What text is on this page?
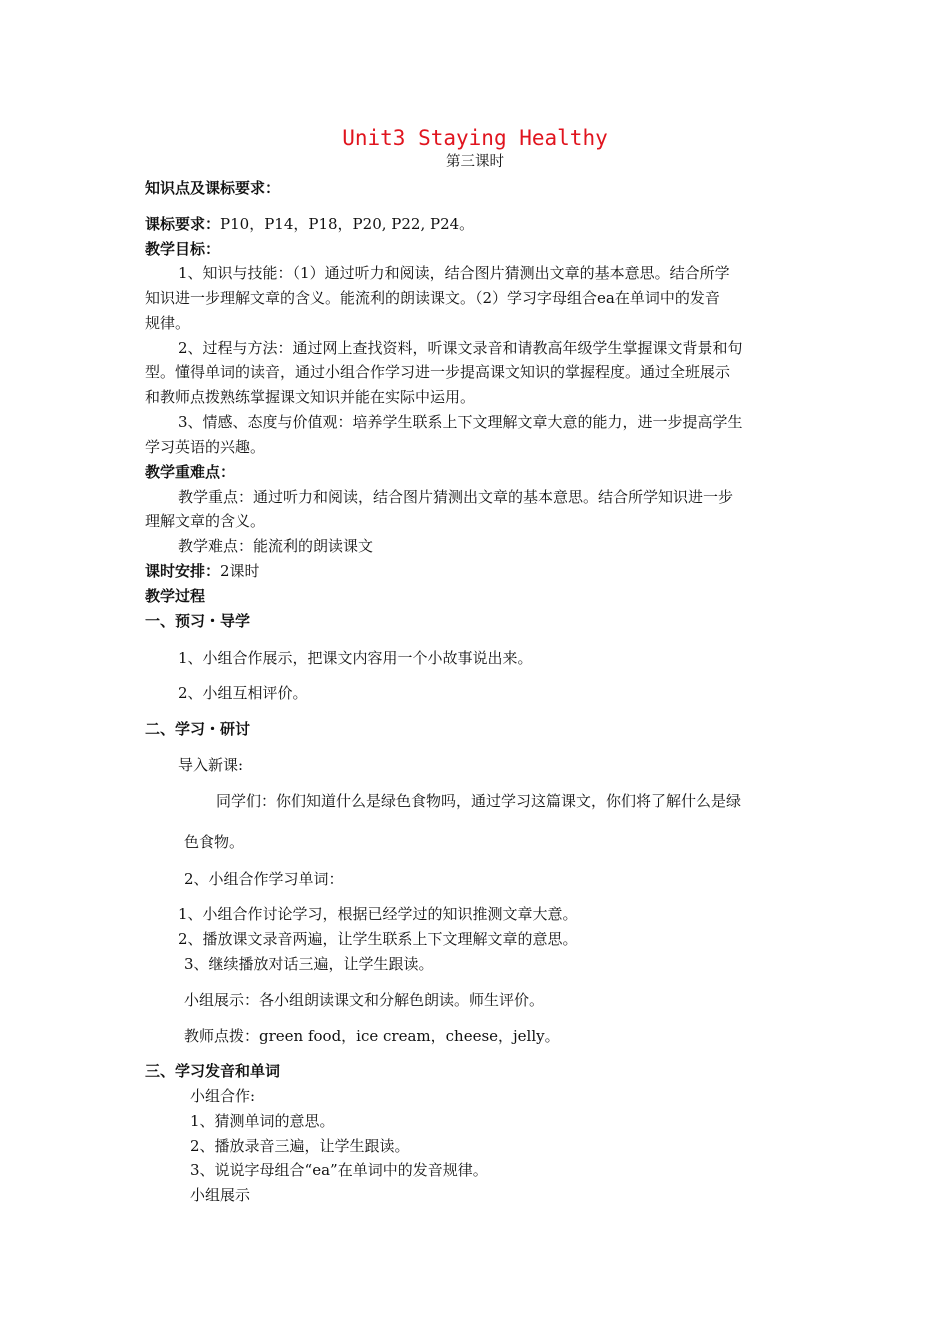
Unit3 Staying Healthy
第三课时
知识点及课标要求：
课标要求：P10，P14，P18，P20, P22, P24。
教学目标：
1、知识与技能：（1）通过听力和阅读，结合图片猜测出文章的基本意思。结合所学
知识进一步理解文章的含义。能流利的朗读课文。（2）学习字母组合ea在单词中的发音
规律。
2、过程与方法：通过网上查找资料，听课文录音和请教高年级学生掌握课文背景和句
型。懂得单词的读音，通过小组合作学习进一步提高课文知识的掌握程度。通过全班展示
和教师点拨熟练掌握课文知识并能在实际中运用。
3、情感、态度与价值观：培养学生联系上下文理解文章大意的能力，进一步提高学生
学习英语的兴趣。
教学重难点：
教学重点：通过听力和阅读，结合图片猜测出文章的基本意思。结合所学知识进一步
理解文章的含义。
教学难点：能流利的朗读课文
课时安排：2课时
教学过程
一、预习・导学
1、小组合作展示，把课文内容用一个小故事说出来。
2、小组互相评价。
二、学习・研讨
导入新课:
同学们：你们知道什么是绿色食物吗，通过学习这篇课文，你们将了解什么是绿
色食物。
2、小组合作学习单词：
1、小组合作讨论学习，根据已经学过的知识推测文章大意。
2、播放课文录音两遍，让学生联系上下文理解文章的意思。
3、继续播放对话三遍，让学生跟读。
小组展示：各小组朗读课文和分解色朗读。师生评价。
教师点拨：green food，ice cream，cheese，jelly。
三、学习发音和单词
小组合作:
1、猜测单词的意思。
2、播放录音三遍，让学生跟读。
3、说说字母组合“ea”在单词中的发音规律。
小组展示
